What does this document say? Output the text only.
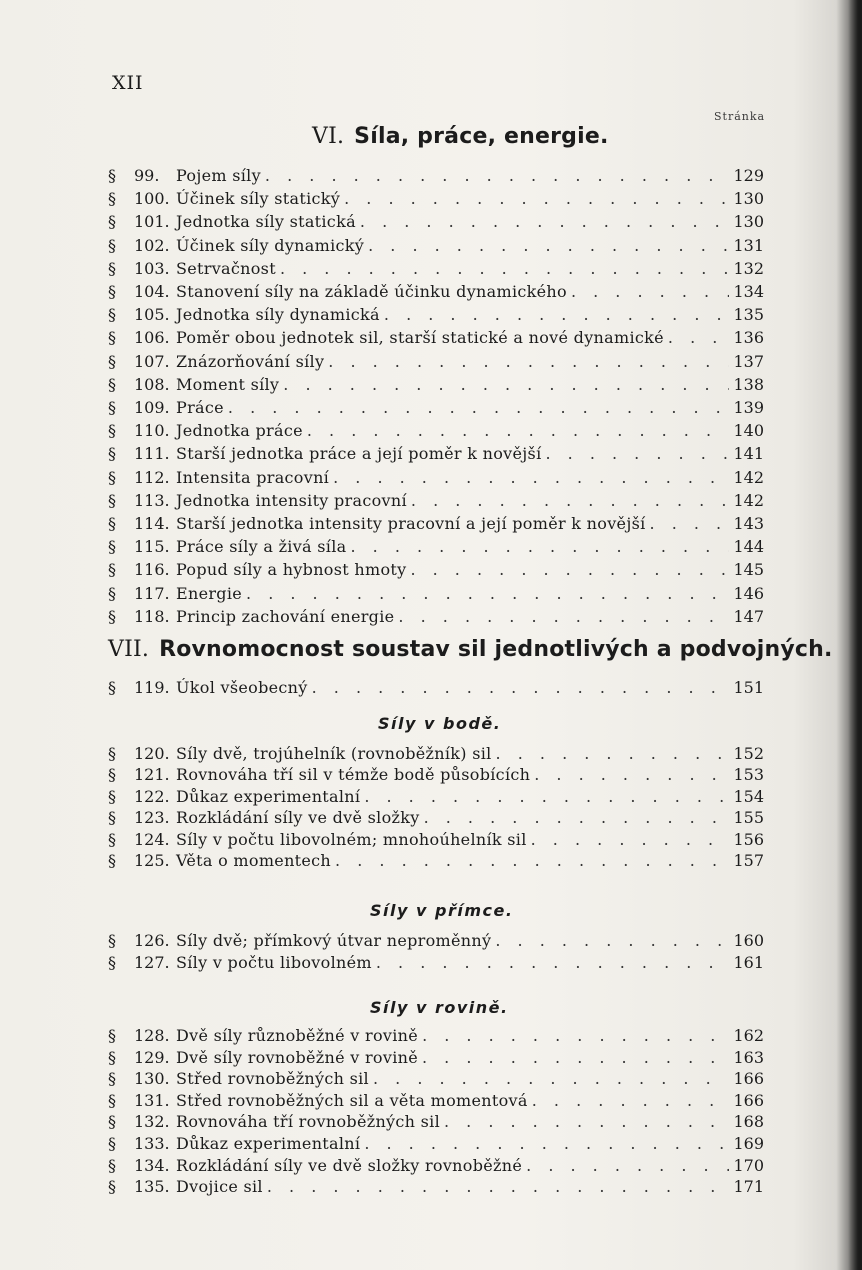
XII
Stránka
VI. Síla, práce, energie.
§	99.	Pojem síly . . .	129
§	100. Účinek síly statický . . .	130
§	101. Jednotka síly statická . . .	130
§	102. Účinek síly dynamický . . .	131
§	103. Setrvačnost . . .	132
§	104. Stanovení síly na základě účinku dynamického . . .	134
§	105. Jednotka síly dynamická . . .	135
§	106. Poměr obou jednotek sil, starší statické a nové dynamické . . .	136
§	107. Znázorňování síly . . .	137
§	108. Moment síly . . .	138
§	109. Práce . . .	139
§	110. Jednotka práce . . .	140
§	111. Starší jednotka práce a její poměr k novější . . .	141
§	112. Intensita pracovní . . .	142
§	113. Jednotka intensity pracovní . . .	142
§	114. Starší jednotka intensity pracovní a její poměr k novější . . .	143
§	115. Práce síly a živá síla . . .	144
§	116. Popud síly a hybnost hmoty . . .	145
§	117. Energie . . .	146
§	118. Princip zachování energie . . .	147
VII. Rovnomocnost soustav sil jednotlivých a podvojných.
§	119. Úkol všeobecný . . .	151
Síly v bodě.
§	120. Síly dvě, trojúhelník (rovnoběžník) sil . . .	152
§	121. Rovnováha tří sil v témže bodě působících . . .	153
§	122. Důkaz experimentalní . . .	154
§	123. Rozkládání síly ve dvě složky . . .	155
§	124. Síly v počtu libovolném; mnohoúhelník sil . . .	156
§	125. Věta o momentech . . .	157
Síly v přímce.
§	126. Síly dvě; přímkový útvar neproměnný . . .	160
§	127. Síly v počtu libovolném . . .	161
Síly v rovině.
§	128. Dvě síly různoběžné v rovině . . .	162
§	129. Dvě síly rovnoběžné v rovině . . .	163
§	130. Střed rovnoběžných sil . . .	166
§	131. Střed rovnoběžných sil a věta momentová . . .	166
§	132. Rovnováha tří rovnoběžných sil . . .	168
§	133. Důkaz experimentalní . . .	169
§	134. Rozkládání síly ve dvě složky rovnoběžné . . .	170
§	135. Dvojice sil . . .	171
